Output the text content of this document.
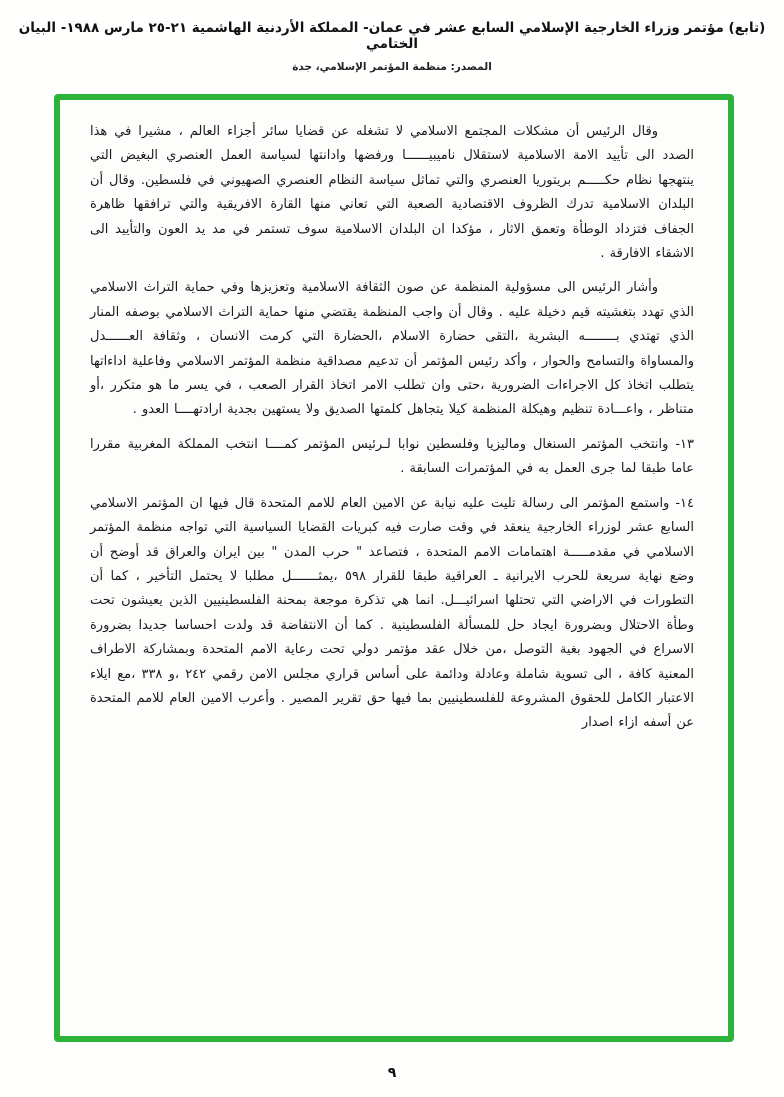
(تابع) مؤتمر وزراء الخارجية الإسلامي السابع عشر في عمان- المملكة الأردنية الهاشمية ٢١-٢٥ مارس ١٩٨٨- البيان الختامي
المصدر: منظمة المؤتمر الإسلامي، جدة

وقال الرئيس أن مشكلات المجتمع الاسلامي لا تشغله عن قضايا سائر أجزاء العالم ، مشيرا في هذا الصدد الى تأييد الامة الاسلامية لاستقلال ناميبيــــــا ورفضها وادانتها لسياسة العمل العنصري البغيض التي ينتهجها نظام حكـــــم بريتوريا العنصري والتي تماثل سياسة النظام العنصري الصهيوني في فلسطين. وقال أن البلدان الاسلامية تدرك الظروف الاقتصادية الصعبة التي تعاني منها القارة الافريقية والتي ترافقها ظاهرة الجفاف فتزداد الوطأة وتعمق الاثار ، مؤكدا ان البلدان الاسلامية سوف تستمر في مد يد العون والتأييد الى الاشقاء الافارقة .

وأشار الرئيس الى مسؤولية المنظمة عن صون الثقافة الاسلامية وتعزيزها وفي حماية التراث الاسلامي الذي تهدد بتغشيته قيم دخيلة عليه . وقال أن واجب المنظمة يقتضي منها حماية التراث الاسلامي بوصفه المنار الذي تهتدي بــــــــه البشرية ،التقى حضارة الاسلام ،الحضارة التي كرمت الانسان ، وثقافة العــــــدل والمساواة والتسامح والحوار ، وأكد رئيس المؤتمر أن تدعيم مصداقية منظمة المؤتمر الاسلامي وفاعلية اداءاتها يتطلب اتخاذ كل الاجراءات الضرورية ،حتى وان تطلب الامر اتخاذ القرار الصعب ، في يسر ما هو متكرر ،أو متناظر ، واعـــادة تنظيم وهيكلة المنظمة كيلا يتجاهل كلمتها الصديق ولا يستهين بجدية ارادتهــــا العدو .

١٣- وانتخب المؤتمر السنغال وماليزيا وفلسطين نوابا لـرئيس المؤتمر كمــــا انتخب المملكة المغربية مقررا عاما طبقا لما جرى العمل به في المؤتمرات السابقة .

١٤- واستمع المؤتمر الى رسالة تليت عليه نيابة عن الامين العام للامم المتحدة قال فيها ان المؤتمر الاسلامي السابع عشر لوزراء الخارجية ينعقد في وقت صارت فيه كبريات القضايا السياسية التي تواجه منظمة المؤتمر الاسلامي في مقدمـــــة اهتمامات الامم المتحدة ، فتصاعد " حرب المدن " بين ايران والعراق قد أوضح أن وضع نهاية سريعة للحرب الايرانية ـ العراقية طبقا للقرار ٥٩٨ ،يمثـــــــل مطلبا لا يحتمل التأخير ، كما أن التطورات في الاراضي التي تحتلها اسرائيـــل. انما هي تذكرة موجعة بمحنة الفلسطينيين الذين يعيشون تحت وطأة الاحتلال وبضرورة ايجاد حل للمسألة الفلسطينية . كما أن الانتفاضة قد ولدت احساسا جديدا بضرورة الاسراع في الجهود بغية التوصل ،من خلال عقد مؤتمر دولي تحت رعاية الامم المتحدة وبمشاركة الاطراف المعنية كافة ، الى تسوية شاملة وعادلة ودائمة على أساس قراري مجلس الامن رقمي ٢٤٢ ،و ٣٣٨ ،مع ايلاء الاعتبار الكامل للحقوق المشروعة للفلسطينيين بما فيها حق تقرير المصير . وأعرب الامين العام للامم المتحدة عن أسفه ازاء اصدار

٩
